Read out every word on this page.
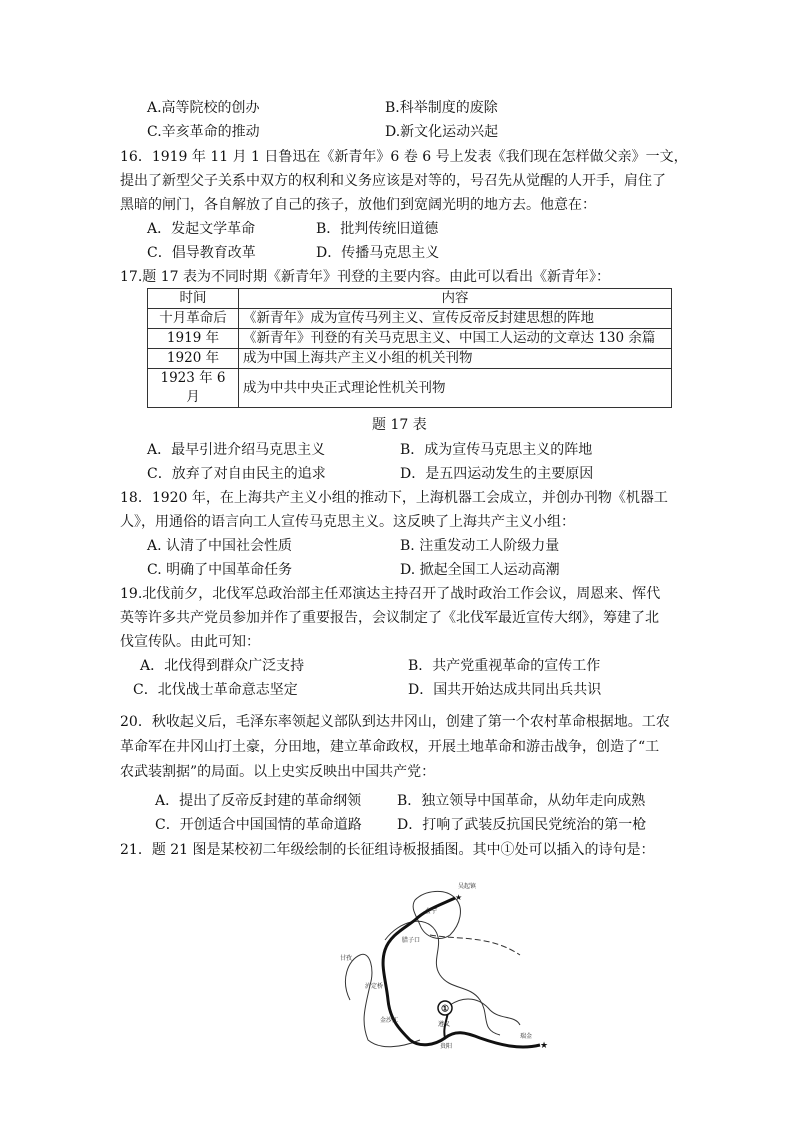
A.高等院校的创办	B.科举制度的废除
C.辛亥革命的推动	D.新文化运动兴起
16．1919 年 11 月 1 日鲁迅在《新青年》6 卷 6 号上发表《我们现在怎样做父亲》一文，
提出了新型父子关系中双方的权利和义务应该是对等的，号召先从觉醒的人开手，肩住了
黑暗的闸门，各自解放了自己的孩子，放他们到宽阔光明的地方去。他意在：
A．发起文学革命	B．批判传统旧道德
C．倡导教育改革	D．传播马克思主义
17.题 17 表为不同时期《新青年》刊登的主要内容。由此可以看出《新青年》：
时间	内容
十月革命后	《新青年》成为宣传马列主义、宣传反帝反封建思想的阵地
1919 年	《新青年》刊登的有关马克思主义、中国工人运动的文章达 130 余篇
1920 年	成为中国上海共产主义小组的机关刊物
1923 年 6 月	成为中共中央正式理论性机关刊物
题 17 表
A．最早引进介绍马克思主义	B．成为宣传马克思主义的阵地
C．放弃了对自由民主的追求	D．是五四运动发生的主要原因
18．1920 年，在上海共产主义小组的推动下，上海机器工会成立，并创办刊物《机器工
人》，用通俗的语言向工人宣传马克思主义。这反映了上海共产主义小组：
A. 认清了中国社会性质	B. 注重发动工人阶级力量
C. 明确了中国革命任务	D. 掀起全国工人运动高潮
19.北伐前夕，北伐军总政治部主任邓演达主持召开了战时政治工作会议，周恩来、恽代
英等许多共产党员参加并作了重要报告，会议制定了《北伐军最近宣传大纲》，筹建了北
伐宣传队。由此可知：
A．北伐得到群众广泛支持	B．共产党重视革命的宣传工作
C．北伐战士革命意志坚定	D．国共开始达成共同出兵共识
20．秋收起义后，毛泽东率领起义部队到达井冈山，创建了第一个农村革命根据地。工农
革命军在井冈山打土豪，分田地，建立革命政权，开展土地革命和游击战争，创造了“工
农武装割据”的局面。以上史实反映出中国共产党：
A．提出了反帝反封建的革命纲领	B．独立领导中国革命，从幼年走向成熟
C．开创适合中国国情的革命道路	D．打响了武装反抗国民党统治的第一枪
21．题 21 图是某校初二年级绘制的长征组诗板报插图。其中①处可以插入的诗句是：
★
★
①
吴起镇
会宁
腊子口
甘孜
泸定桥
金沙江
遵义
贵阳
瑞金
